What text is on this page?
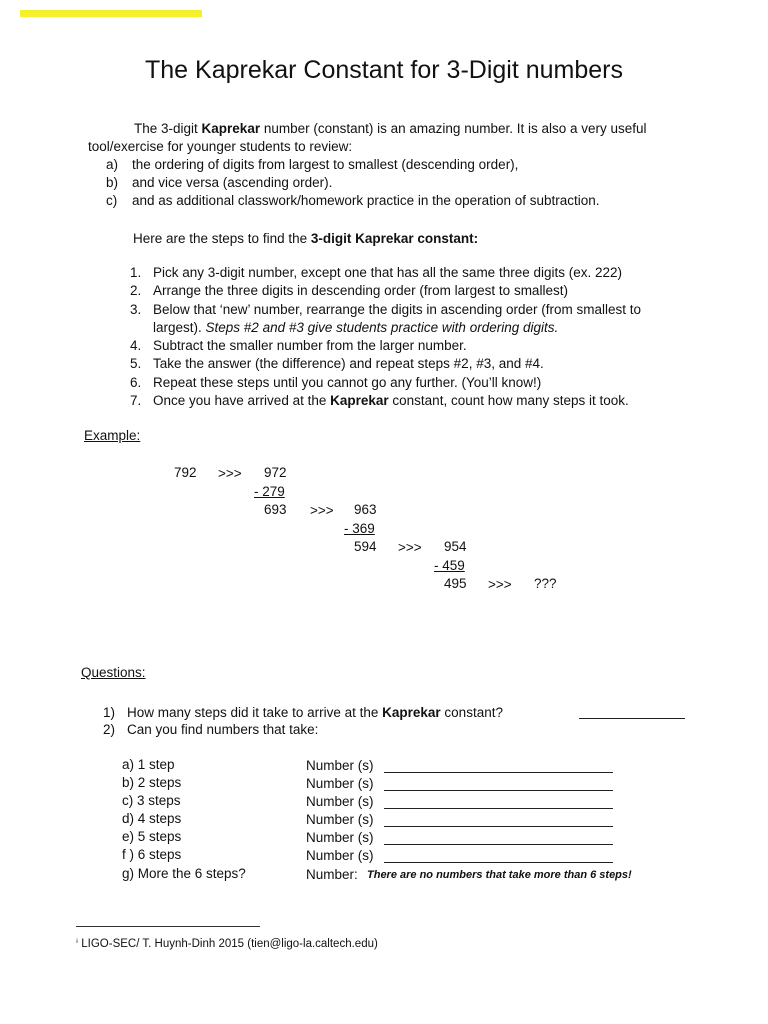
The Kaprekar Constant for 3-Digit numbers
The 3-digit Kaprekar number (constant) is an amazing number. It is also a very useful tool/exercise for younger students to review:
a) the ordering of digits from largest to smallest (descending order),
b) and vice versa (ascending order).
c) and as additional classwork/homework practice in the operation of subtraction.
Here are the steps to find the 3-digit Kaprekar constant:
1. Pick any 3-digit number, except one that has all the same three digits (ex. 222)
2. Arrange the three digits in descending order (from largest to smallest)
3. Below that ‘new’ number, rearrange the digits in ascending order (from smallest to largest). Steps #2 and #3 give students practice with ordering digits.
4. Subtract the smaller number from the larger number.
5. Take the answer (the difference) and repeat steps #2, #3, and #4.
6. Repeat these steps until you cannot go any further. (You’ll know!)
7. Once you have arrived at the Kaprekar constant, count how many steps it took.
Example:
792 >>> 972
- 279
693 >>> 963
- 369
594 >>> 954
- 459
495 >>> ???
Questions:
1) How many steps did it take to arrive at the Kaprekar constant?
2) Can you find numbers that take:
a) 1 step	Number (s)
b) 2 steps	Number (s)
c) 3 steps	Number (s)
d) 4 steps	Number (s)
e) 5 steps	Number (s)
f ) 6 steps	Number (s)
g) More the 6 steps?	Number: There are no numbers that take more than 6 steps!
ⁱ LIGO-SEC/ T. Huynh-Dinh 2015 (tien@ligo-la.caltech.edu)
